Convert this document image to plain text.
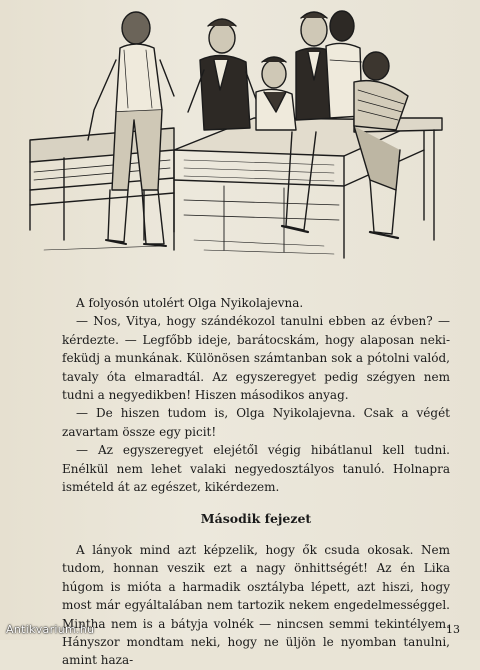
A folyosón utolért Olga Nyikolajevna.

— Nos, Vitya, hogy szándékozol tanulni ebben az évben? — kérdezte. — Legfőbb ideje, barátocskám, hogy alaposan neki-feküdj a munkának. Különösen számtanban sok a pótolni valód, tavaly óta elmaradtál. Az egyszeregyet pedig szégyen nem tudni a negyedikben! Hiszen másodikos anyag.

— De hiszen tudom is, Olga Nyikolajevna. Csak a végét zavartam össze egy picit!

— Az egyszeregyet elejétől végig hibátlanul kell tudni. Enélkül nem lehet valaki negyedosztályos tanuló. Holnapra ismételd át az egészet, kikérdezem.

Második fejezet

A lányok mind azt képzelik, hogy ők csuda okosak. Nem tudom, honnan veszik ezt a nagy önhittségét! Az én Lika húgom is miótа a harmadik osztályba lépett, azt hiszi, hogy most már egyáltalában nem tartozik nekem engedelmességgel. Mintha nem is a bátyja volnék — nincsen semmi tekintélyem. Hányszor mondtam neki, hogy ne üljön le nyomban tanulni, amint haza-

13
Antikvarium.hu
